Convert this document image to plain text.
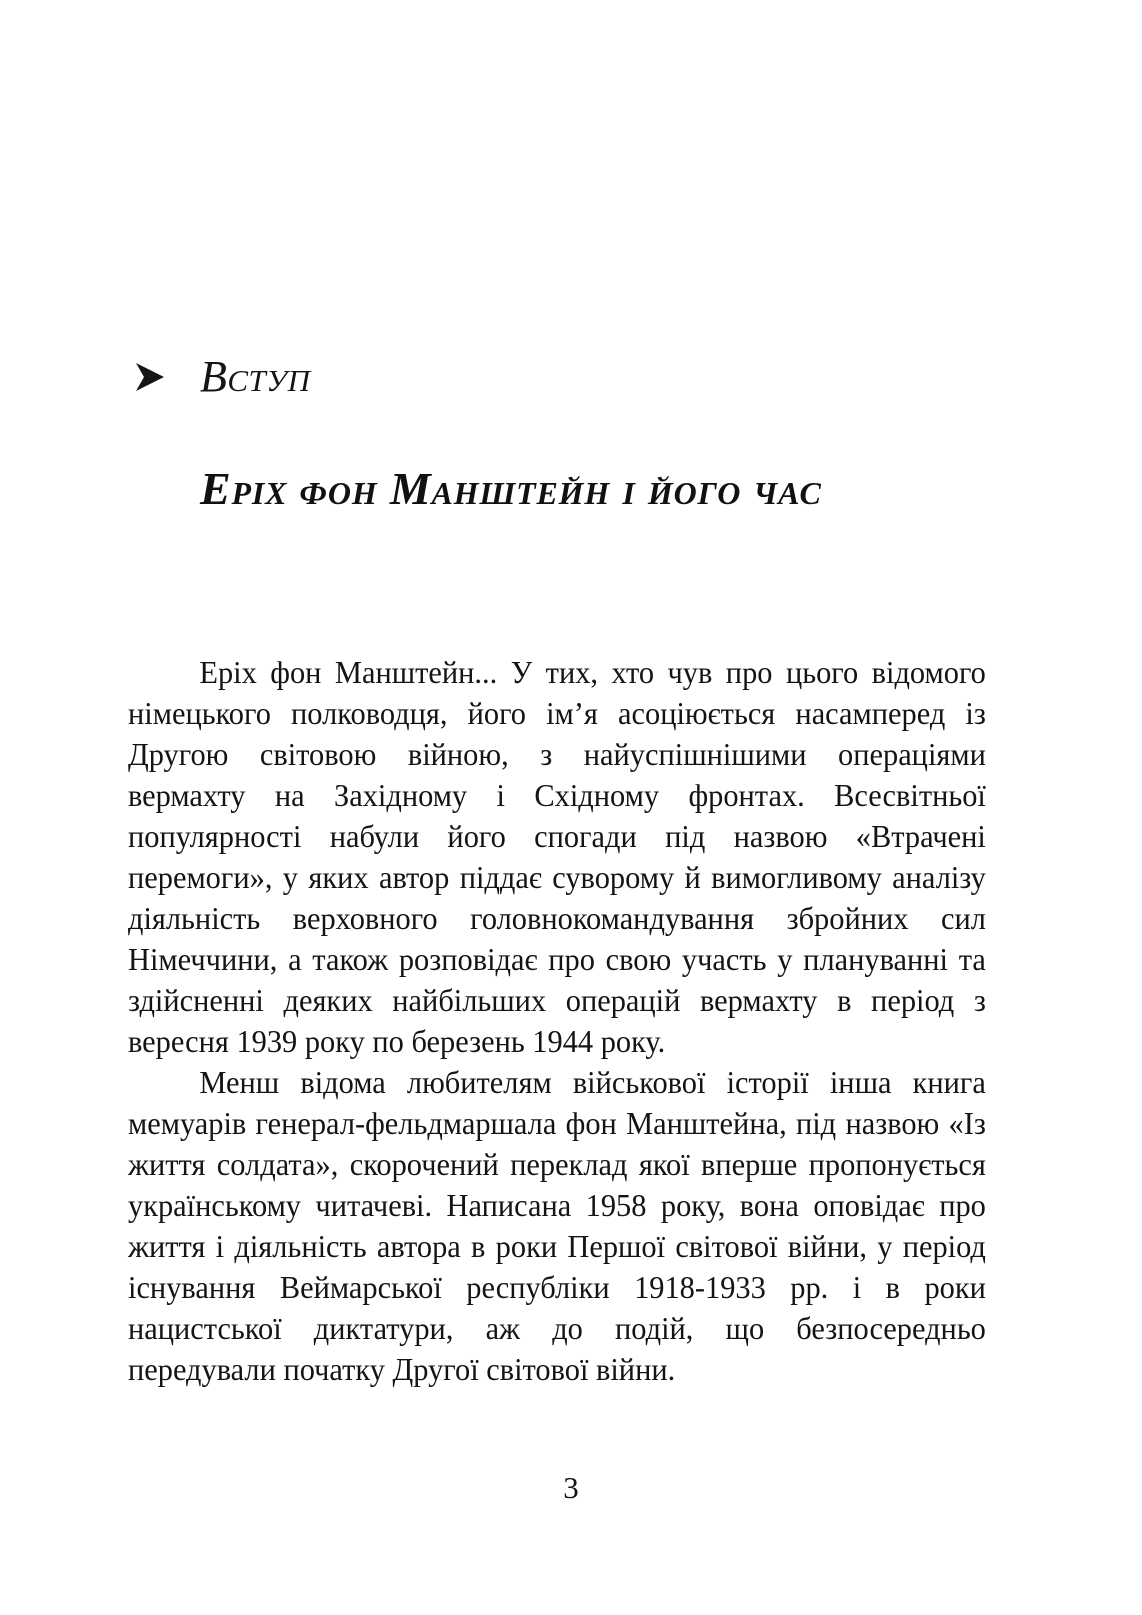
Вступ
Еріх фон Манштейн і його час

Еріх фон Манштейн... У тих, хто чув про цього відомого німецького полководця, його ім’я асоціюється насамперед із Другою світовою війною, з найуспішнішими операціями вермахту на Західному і Східному фронтах. Всесвітньої популярності набули його спогади під назвою «Втрачені перемоги», у яких автор піддає суворому й вимогливому аналізу діяльність верховного головнокомандування збройних сил Німеччини, а також розповідає про свою участь у плануванні та здійсненні деяких найбільших операцій вермахту в період з вересня 1939 року по березень 1944 року.

Менш відома любителям військової історії інша книга мемуарів генерал-фельдмаршала фон Манштейна, під назвою «Із життя солдата», скорочений переклад якої вперше пропонується українському читачеві. Написана 1958 року, вона оповідає про життя і діяльність автора в роки Першої світової війни, у період існування Веймарської республіки 1918-1933 рр. і в роки нацистської диктатури, аж до подій, що безпосередньо передували початку Другої світової війни.

3
